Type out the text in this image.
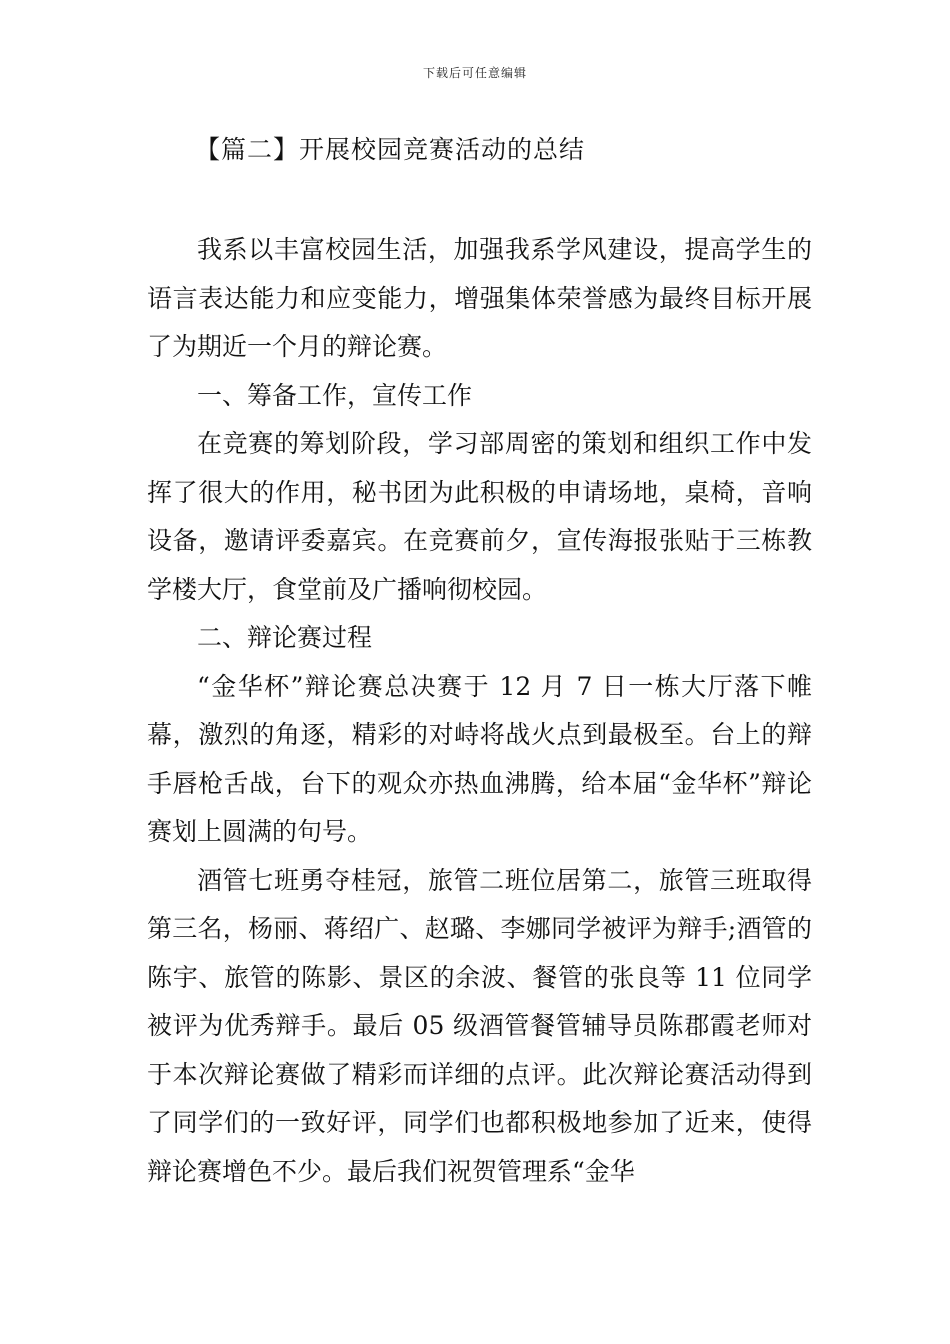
下载后可任意编辑
【篇二】开展校园竞赛活动的总结

我系以丰富校园生活，加强我系学风建设，提高学生的语言表达能力和应变能力，增强集体荣誉感为最终目标开展了为期近一个月的辩论赛。

一、筹备工作，宣传工作

在竞赛的筹划阶段，学习部周密的策划和组织工作中发挥了很大的作用，秘书团为此积极的申请场地，桌椅，音响设备，邀请评委嘉宾。在竞赛前夕，宣传海报张贴于三栋教学楼大厅，食堂前及广播响彻校园。

二、辩论赛过程

“金华杯”辩论赛总决赛于 12 月 7 日一栋大厅落下帷幕，激烈的角逐，精彩的对峙将战火点到最极至。台上的辩手唇枪舌战，台下的观众亦热血沸腾，给本届“金华杯”辩论赛划上圆满的句号。

酒管七班勇夺桂冠，旅管二班位居第二，旅管三班取得第三名，杨丽、蒋绍广、赵璐、李娜同学被评为辩手;酒管的陈宇、旅管的陈影、景区的余波、餐管的张良等 11 位同学被评为优秀辩手。最后 05 级酒管餐管辅导员陈郡霞老师对于本次辩论赛做了精彩而详细的点评。此次辩论赛活动得到了同学们的一致好评，同学们也都积极地参加了近来，使得辩论赛增色不少。最后我们祝贺管理系“金华
